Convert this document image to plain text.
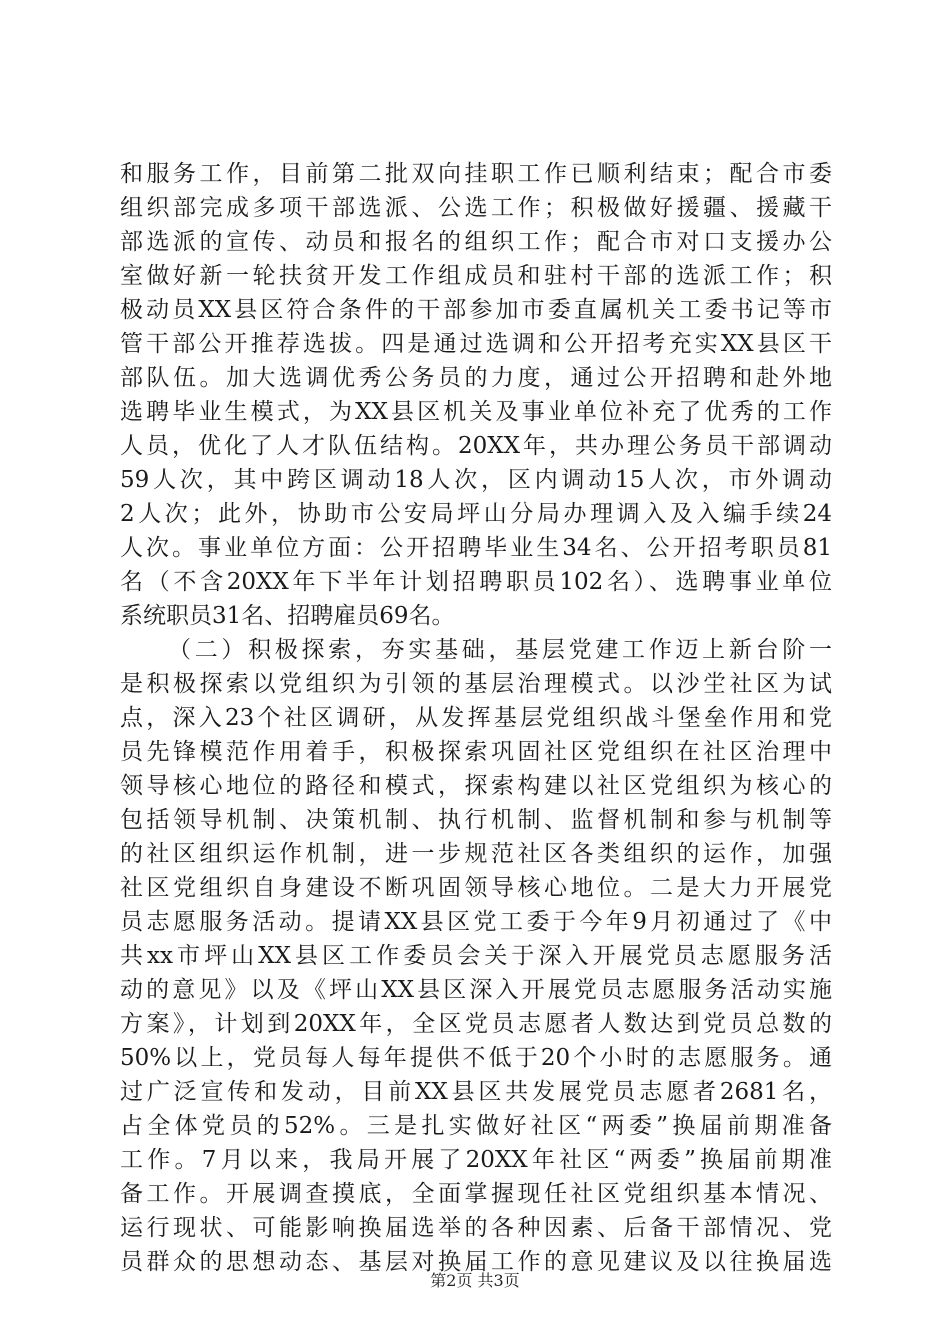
和服务工作，目前第二批双向挂职工作已顺利结束；配合市委
组织部完成多项干部选派、公选工作；积极做好援疆、援藏干
部选派的宣传、动员和报名的组织工作；配合市对口支援办公
室做好新一轮扶贫开发工作组成员和驻村干部的选派工作；积
极动员XX县区符合条件的干部参加市委直属机关工委书记等市
管干部公开推荐选拔。四是通过选调和公开招考充实XX县区干
部队伍。加大选调优秀公务员的力度，通过公开招聘和赴外地
选聘毕业生模式，为XX县区机关及事业单位补充了优秀的工作
人员，优化了人才队伍结构。20XX年，共办理公务员干部调动
59人次，其中跨区调动18人次，区内调动15人次，市外调动
2人次；此外，协助市公安局坪山分局办理调入及入编手续24
人次。事业单位方面：公开招聘毕业生34名、公开招考职员81
名（不含20XX年下半年计划招聘职员102名）、选聘事业单位
系统职员31名、招聘雇员69名。
（二）积极探索，夯实基础，基层党建工作迈上新台阶一
是积极探索以党组织为引领的基层治理模式。以沙坣社区为试
点，深入23个社区调研，从发挥基层党组织战斗堡垒作用和党
员先锋模范作用着手，积极探索巩固社区党组织在社区治理中
领导核心地位的路径和模式，探索构建以社区党组织为核心的
包括领导机制、决策机制、执行机制、监督机制和参与机制等
的社区组织运作机制，进一步规范社区各类组织的运作，加强
社区党组织自身建设不断巩固领导核心地位。二是大力开展党
员志愿服务活动。提请XX县区党工委于今年9月初通过了《中
共xx市坪山XX县区工作委员会关于深入开展党员志愿服务活
动的意见》以及《坪山XX县区深入开展党员志愿服务活动实施
方案》，计划到20XX年，全区党员志愿者人数达到党员总数的
50%以上，党员每人每年提供不低于20个小时的志愿服务。通
过广泛宣传和发动，目前XX县区共发展党员志愿者2681名，
占全体党员的52%。三是扎实做好社区“两委”换届前期准备
工作。7月以来，我局开展了20XX年社区“两委”换届前期准
备工作。开展调查摸底，全面掌握现任社区党组织基本情况、
运行现状、可能影响换届选举的各种因素、后备干部情况、党
员群众的思想动态、基层对换届工作的意见建议及以往换届选
第2页 共3页
